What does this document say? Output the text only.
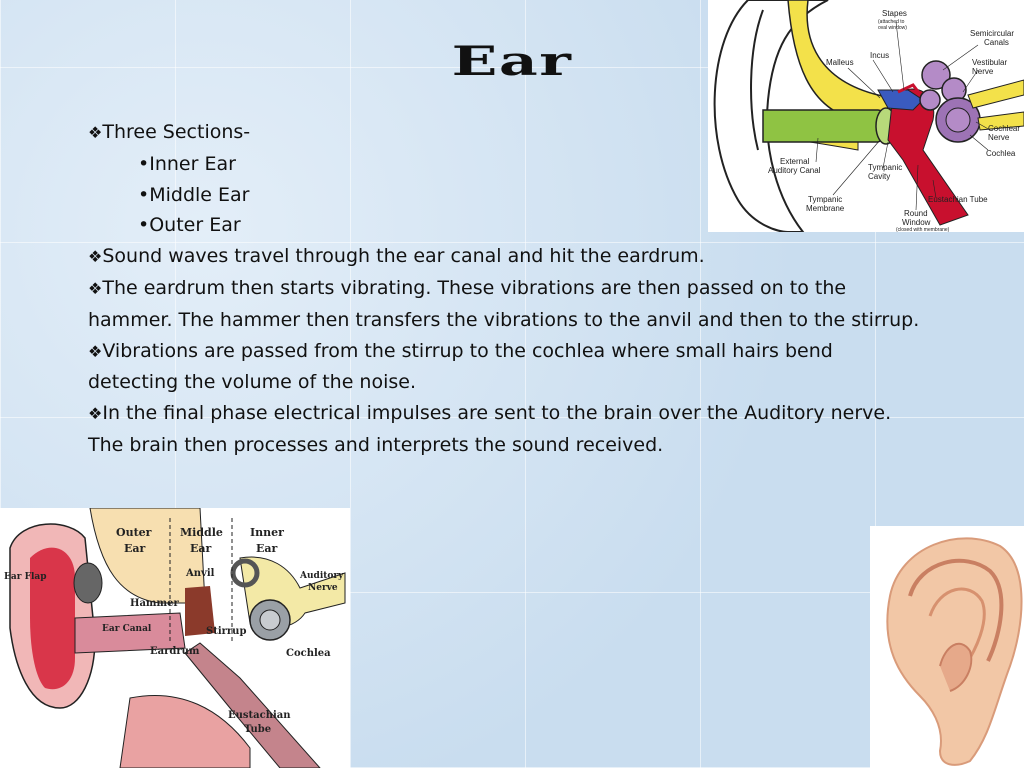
Ear

❖Three Sections-

•Inner Ear

•Middle Ear

•Outer Ear

❖Sound waves travel through the ear canal and hit the eardrum.

❖The eardrum then starts vibrating. These vibrations are then passed on to the hammer. The hammer then transfers the vibrations to the anvil and then to the stirrup.

❖Vibrations are passed from the stirrup to the cochlea where small hairs bend detecting the volume of the noise.

❖In the final phase electrical impulses are sent to the brain over the Auditory nerve. The brain then processes and interprets the sound received.

Stapes
(attached to
oval window)
Incus
Malleus
Semicircular
Canals
Vestibular
Nerve
Cochlear
Nerve
Cochlea
External
Auditory Canal	Tympanic
Cavity
Eustachian Tube
Tympanic
Membrane
Round
Window
(closed with membrane)
Outer
Ear
Middle
Ear
Inner
Ear
Ear Flap	Anvil	Auditory
Nerve
Hammer
Ear Canal	Stirrup
Eardrum	Cochlea
Eustachian
Tube
